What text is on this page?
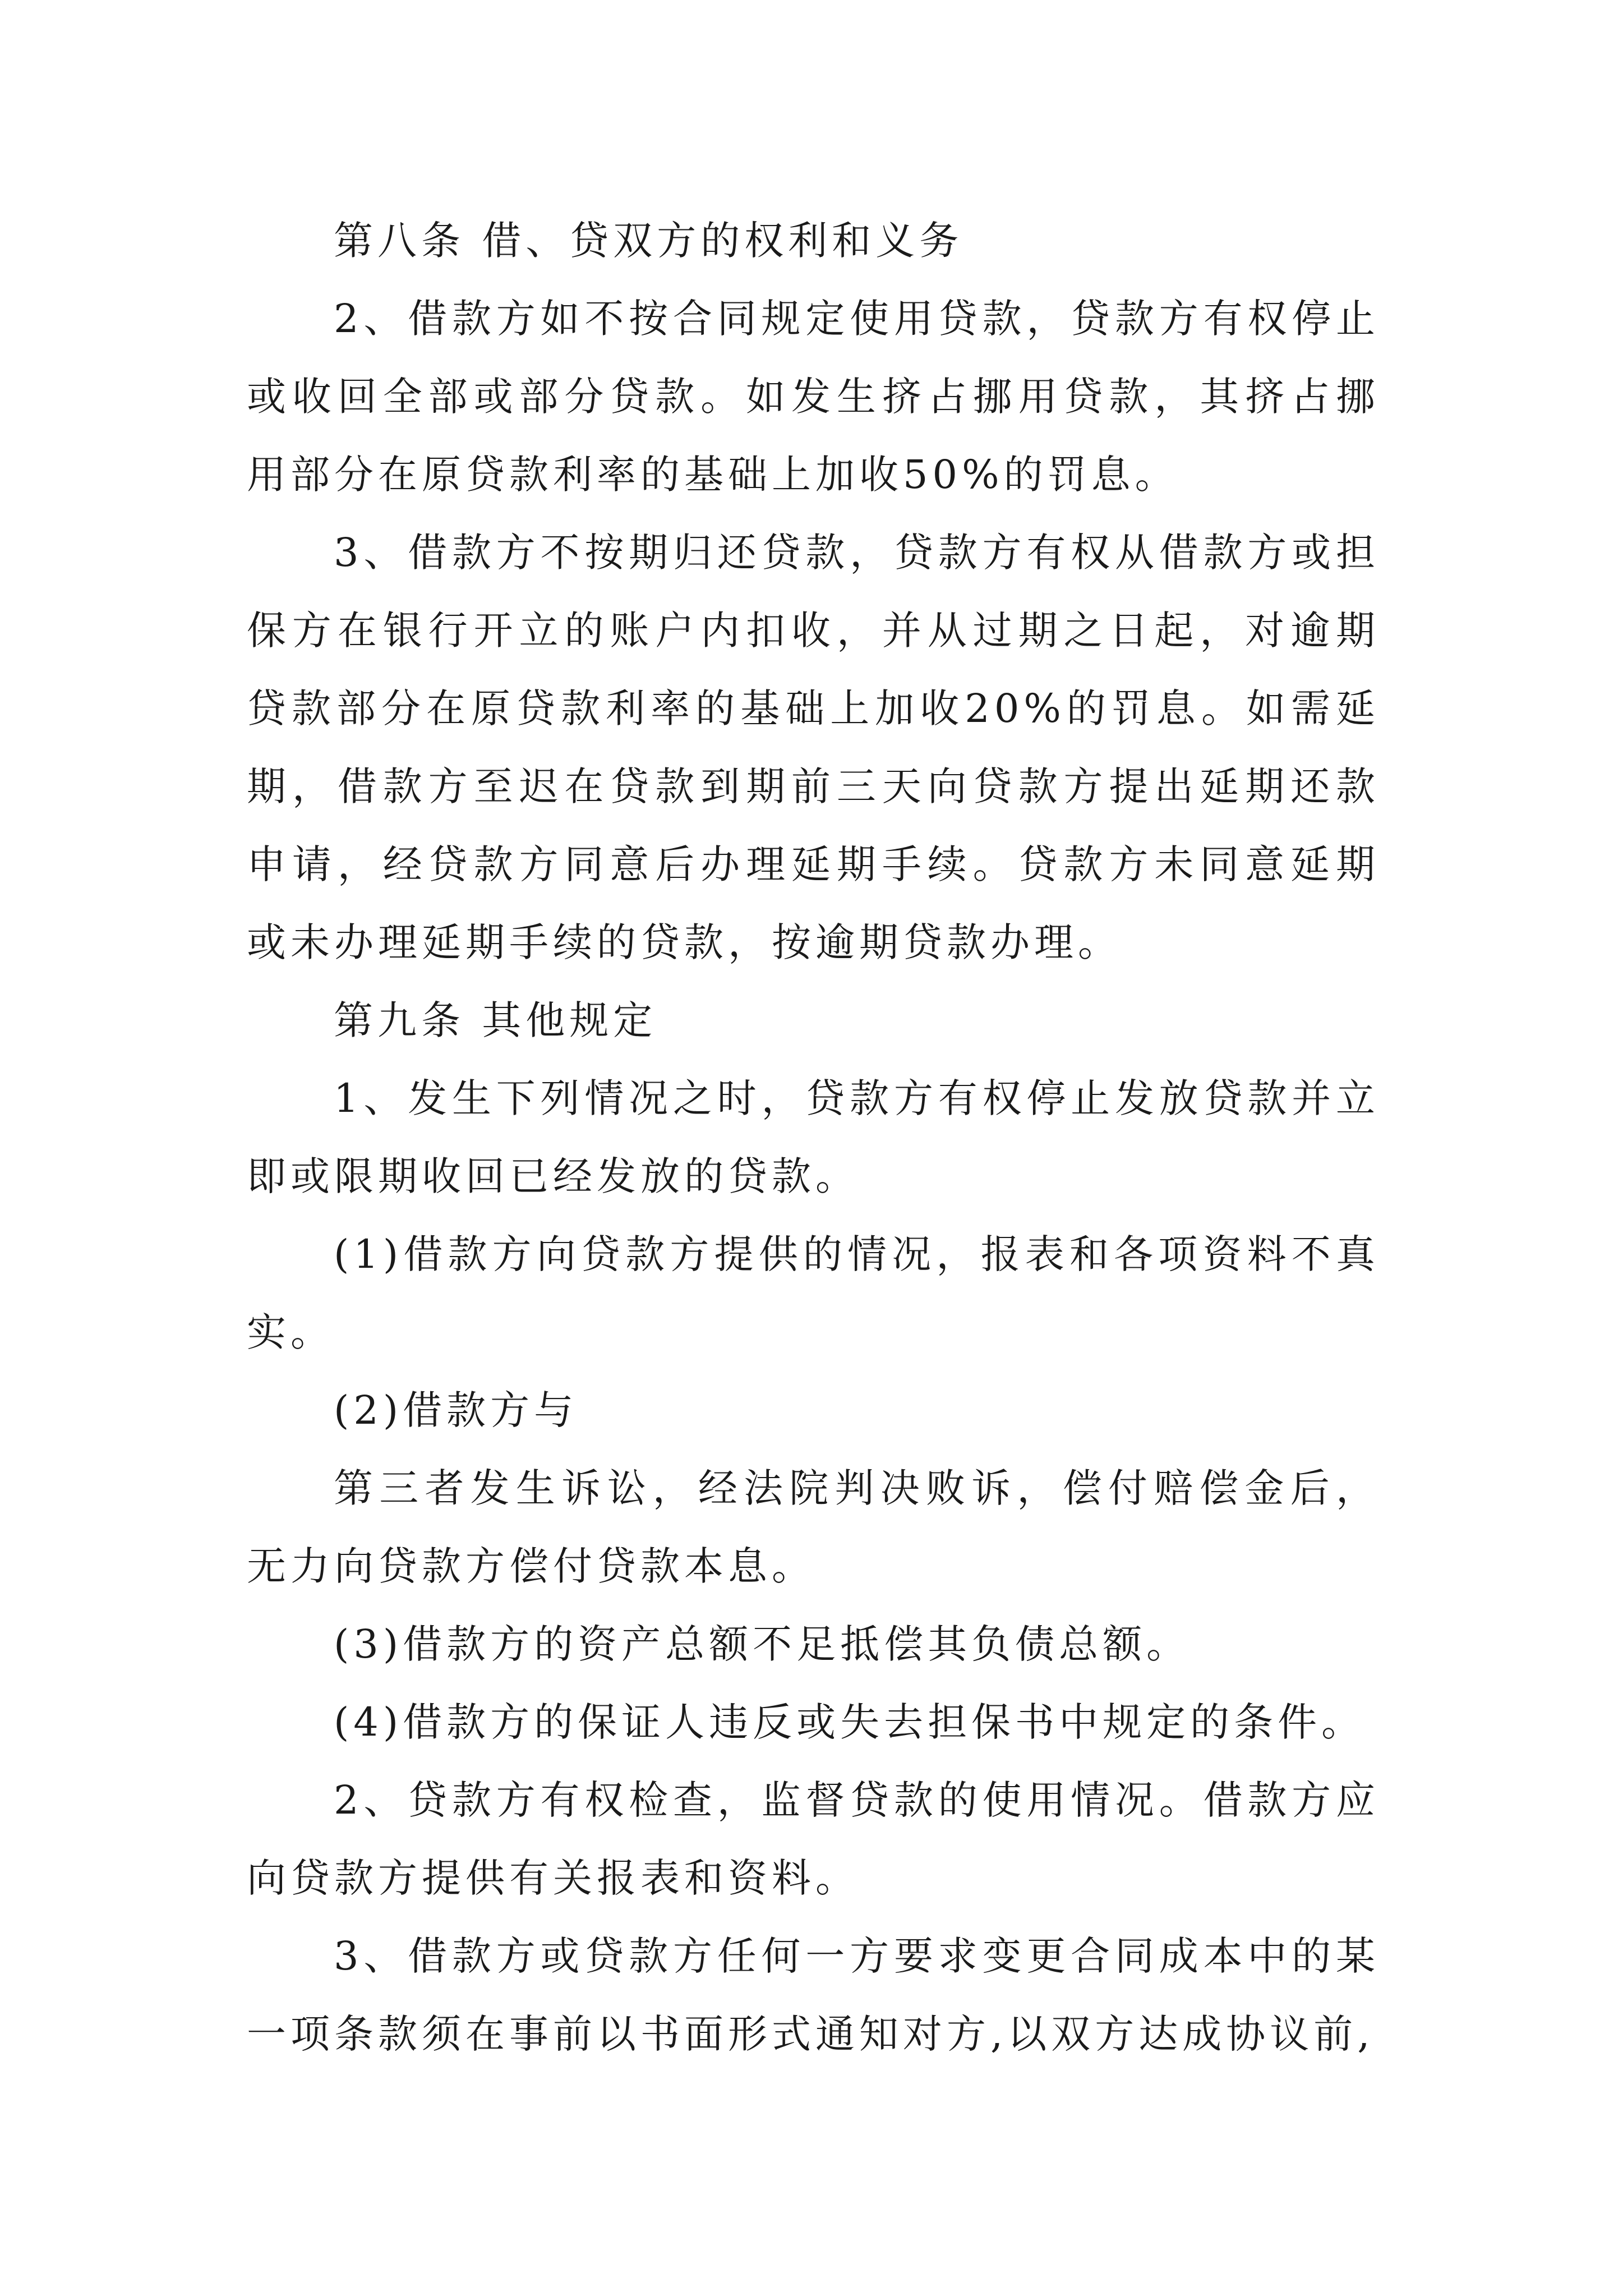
第八条 借、贷双方的权利和义务

2、借款方如不按合同规定使用贷款，贷款方有权停止或收回全部或部分贷款。如发生挤占挪用贷款，其挤占挪用部分在原贷款利率的基础上加收50%的罚息。

3、借款方不按期归还贷款，贷款方有权从借款方或担保方在银行开立的账户内扣收，并从过期之日起，对逾期贷款部分在原贷款利率的基础上加收20%的罚息。如需延期，借款方至迟在贷款到期前三天向贷款方提出延期还款申请，经贷款方同意后办理延期手续。贷款方未同意延期或未办理延期手续的贷款，按逾期贷款办理。

第九条 其他规定

1、发生下列情况之时，贷款方有权停止发放贷款并立即或限期收回已经发放的贷款。

(1)借款方向贷款方提供的情况，报表和各项资料不真实。

(2)借款方与

第三者发生诉讼，经法院判决败诉，偿付赔偿金后，无力向贷款方偿付贷款本息。

(3)借款方的资产总额不足抵偿其负债总额。

(4)借款方的保证人违反或失去担保书中规定的条件。

2、贷款方有权检查，监督贷款的使用情况。借款方应向贷款方提供有关报表和资料。

3、借款方或贷款方任何一方要求变更合同成本中的某一项条款须在事前以书面形式通知对方,以双方达成协议前,
